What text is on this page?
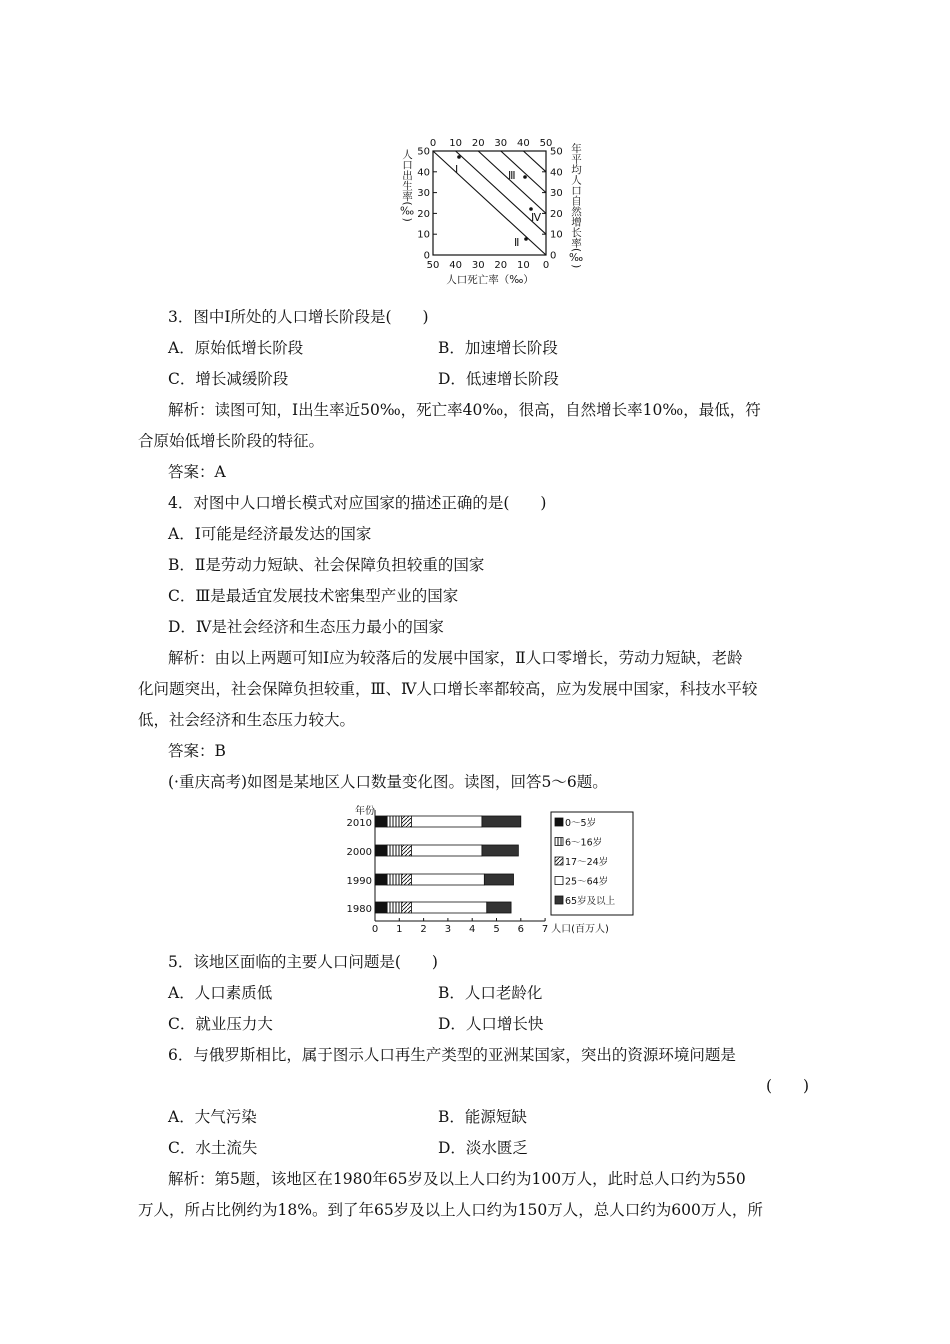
10 20 30 40 50
0
50
40
30
20
10
0
50
40
30
20
10
0
50 40 30 20 10 0
人口死亡率（‰）
人口出生率(‰)	年平均人口自然增长率(‰)
Ⅰ	Ⅲ
Ⅳ
Ⅱ
3．图中Ⅰ所处的人口增长阶段是(　　)
A．原始低增长阶段	B．加速增长阶段
C．增长减缓阶段	D．低速增长阶段
解析：读图可知，Ⅰ出生率近50‰，死亡率40‰，很高，自然增长率10‰，最低，符
合原始低增长阶段的特征。
答案：A
4．对图中人口增长模式对应国家的描述正确的是(　　)
A．Ⅰ可能是经济最发达的国家
B．Ⅱ是劳动力短缺、社会保障负担较重的国家
C．Ⅲ是最适宜发展技术密集型产业的国家
D．Ⅳ是社会经济和生态压力最小的国家
解析：由以上两题可知Ⅰ应为较落后的发展中国家，Ⅱ人口零增长，劳动力短缺，老龄
化问题突出，社会保障负担较重，Ⅲ、Ⅳ人口增长率都较高，应为发展中国家，科技水平较
低，社会经济和生态压力较大。
答案：B
(·重庆高考)如图是某地区人口数量变化图。读图，回答5～6题。
年份
2010
2000
1990
1980
0 1 2 3 4 5 6 7 人口(百万人)
0～5岁
6～16岁
17～24岁
25～64岁
65岁及以上
5．该地区面临的主要人口问题是(　　)
A．人口素质低	B．人口老龄化
C．就业压力大	D．人口增长快
6．与俄罗斯相比，属于图示人口再生产类型的亚洲某国家，突出的资源环境问题是
(　　)
A．大气污染	B．能源短缺
C．水土流失	D．淡水匮乏
解析：第5题，该地区在1980年65岁及以上人口约为100万人，此时总人口约为550
万人，所占比例约为18%。到了年65岁及以上人口约为150万人，总人口约为600万人，所
